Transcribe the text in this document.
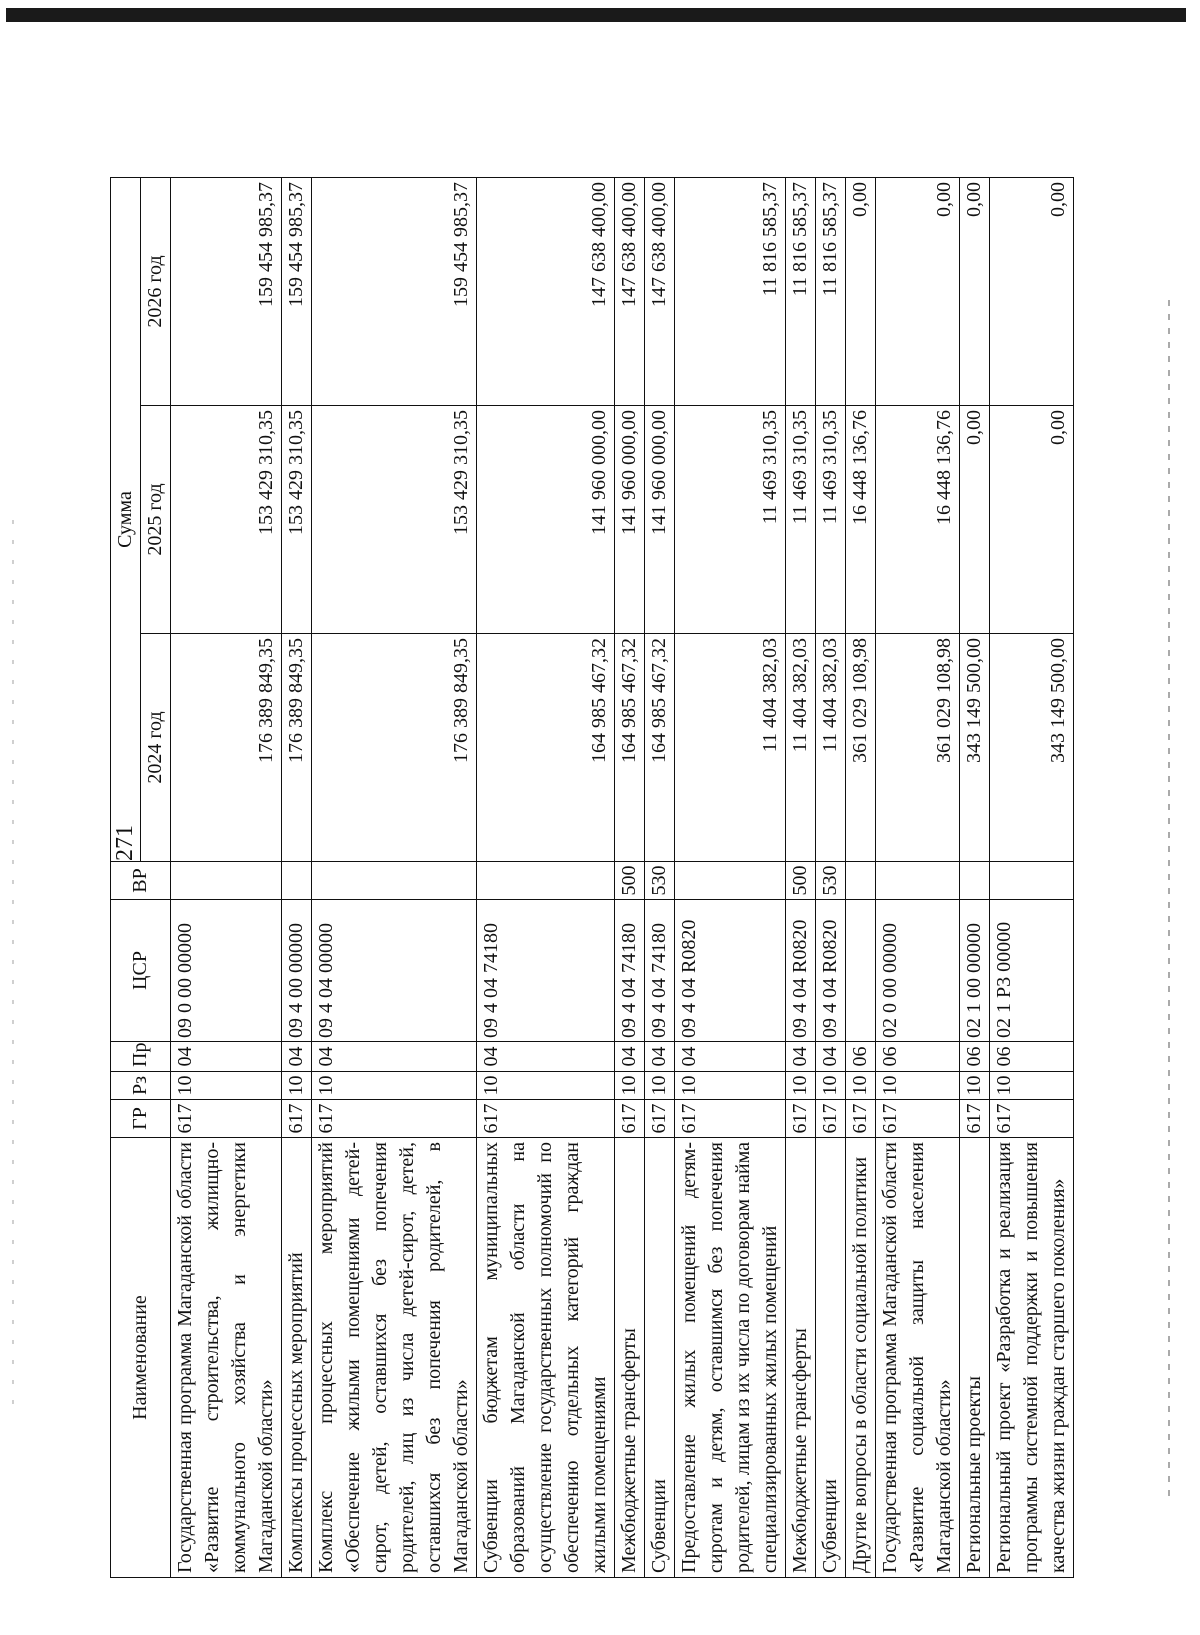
271
Наименование	ГР	Рз	Пр	ЦСР	ВР	Сумма		
						2024 год	2025 год	2026 год
Государственная программа Магаданской области «Развитие строительства, жилищно-коммунального хозяйства и энергетики Магаданской области»	617	10	04	09 0 00 00000		176 389 849,35	153 429 310,35	159 454 985,37
Комплексы процессных мероприятий	617	10	04	09 4 00 00000		176 389 849,35	153 429 310,35	159 454 985,37
Комплекс процессных мероприятий «Обеспечение жилыми помещениями детей-сирот, детей, оставшихся без попечения родителей, лиц из числа детей-сирот, детей, оставшихся без попечения родителей, в Магаданской области»	617	10	04	09 4 04 00000		176 389 849,35	153 429 310,35	159 454 985,37
Субвенции бюджетам муниципальных образований Магаданской области на осуществление государственных полномочий по обеспечению отдельных категорий граждан жилыми помещениями	617	10	04	09 4 04 74180		164 985 467,32	141 960 000,00	147 638 400,00
Межбюджетные трансферты	617	10	04	09 4 04 74180	500	164 985 467,32	141 960 000,00	147 638 400,00
Субвенции	617	10	04	09 4 04 74180	530	164 985 467,32	141 960 000,00	147 638 400,00
Предоставление жилых помещений детям-сиротам и детям, оставшимся без попечения родителей, лицам из их числа по договорам найма специализированных жилых помещений	617	10	04	09 4 04 R0820		11 404 382,03	11 469 310,35	11 816 585,37
Межбюджетные трансферты	617	10	04	09 4 04 R0820	500	11 404 382,03	11 469 310,35	11 816 585,37
Субвенции	617	10	04	09 4 04 R0820	530	11 404 382,03	11 469 310,35	11 816 585,37
Другие вопросы в области социальной политики	617	10	06			361 029 108,98	16 448 136,76	0,00
Государственная программа Магаданской области «Развитие социальной защиты населения Магаданской области»	617	10	06	02 0 00 00000		361 029 108,98	16 448 136,76	0,00
Региональные проекты	617	10	06	02 1 00 00000		343 149 500,00	0,00	0,00
Региональный проект «Разработка и реализация программы системной поддержки и повышения качества жизни граждан старшего поколения»	617	10	06	02 1 Р3 00000		343 149 500,00	0,00	0,00
